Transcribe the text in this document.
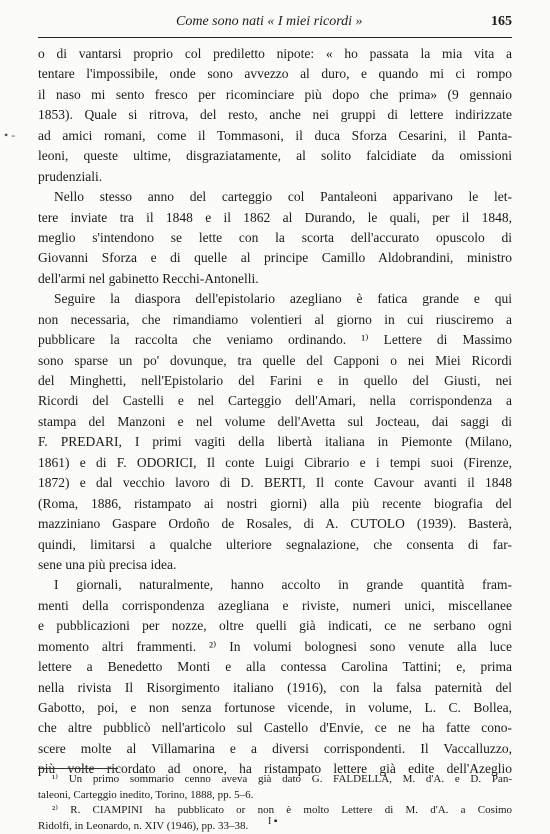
Come sono nati « I miei ricordi »	165
• -
o di vantarsi proprio col prediletto nipote: « ho passata la mia vita a
tentare l'impossibile, onde sono avvezzo al duro, e quando mi ci rompo
il naso mi sento fresco per ricominciare più dopo che prima» (9 gennaio
1853). Quale si ritrova, del resto, anche nei gruppi di lettere indirizzate
ad amici romani, come il Tommasoni, il duca Sforza Cesarini, il Panta-
leoni, queste ultime, disgraziatamente, al solito falcidiate da omissioni
prudenziali.
Nello stesso anno del carteggio col Pantaleoni apparivano le let-
tere inviate tra il 1848 e il 1862 al Durando, le quali, per il 1848,
meglio s'intendono se lette con la scorta dell'accurato opuscolo di
Giovanni Sforza e di quelle al principe Camillo Aldobrandini, ministro
dell'armi nel gabinetto Recchi-Antonelli.
Seguire la diaspora dell'epistolario azegliano è fatica grande e qui
non necessaria, che rimandiamo volentieri al giorno in cui riusciremo a
pubblicare la raccolta che veniamo ordinando. ¹⁾ Lettere di Massimo
sono sparse un po' dovunque, tra quelle del Capponi o nei Miei Ricordi
del Minghetti, nell'Epistolario del Farini e in quello del Giusti, nei
Ricordi del Castelli e nel Carteggio dell'Amari, nella corrispondenza a
stampa del Manzoni e nel volume dell'Avetta sul Jocteau, dai saggi di
F. PREDARI, I primi vagiti della libertà italiana in Piemonte (Milano,
1861) e di F. ODORICI, Il conte Luigi Cibrario e i tempi suoi (Firenze,
1872) e dal vecchio lavoro di D. BERTI, Il conte Cavour avanti il 1848
(Roma, 1886, ristampato ai nostri giorni) alla più recente biografia del
mazziniano Gaspare Ordoño de Rosales, di A. CUTOLO (1939). Basterà,
quindi, limitarsi a qualche ulteriore segnalazione, che consenta di far-
sene una più precisa idea.
I giornali, naturalmente, hanno accolto in grande quantità fram-
menti della corrispondenza azegliana e riviste, numeri unici, miscellanee
e pubblicazioni per nozze, oltre quelli già indicati, ce ne serbano ogni
momento altri frammenti. ²⁾ In volumi bolognesi sono venute alla luce
lettere a Benedetto Monti e alla contessa Carolina Tattini; e, prima
nella rivista Il Risorgimento italiano (1916), con la falsa paternità del
Gabotto, poi, e non senza fortunose vicende, in volume, L. C. Bollea,
che altre pubblicò nell'articolo sul Castello d'Envie, ce ne ha fatte cono-
scere molte al Villamarina e a diversi corrispondenti. Il Vaccalluzzo,
più volte ricordato ad onore, ha ristampato lettere già edite dell'Azeglio
¹⁾ Un primo sommario cenno aveva già dato G. FALDELLA, M. d'A. e D. Pan-
taleoni, Carteggio inedito, Torino, 1888, pp. 5–6.
²⁾ R. CIAMPINI ha pubblicato or non è molto Lettere di M. d'A. a Cosimo
Ridolfi, in Leonardo, n. XIV (1946), pp. 33–38.	I ▪
